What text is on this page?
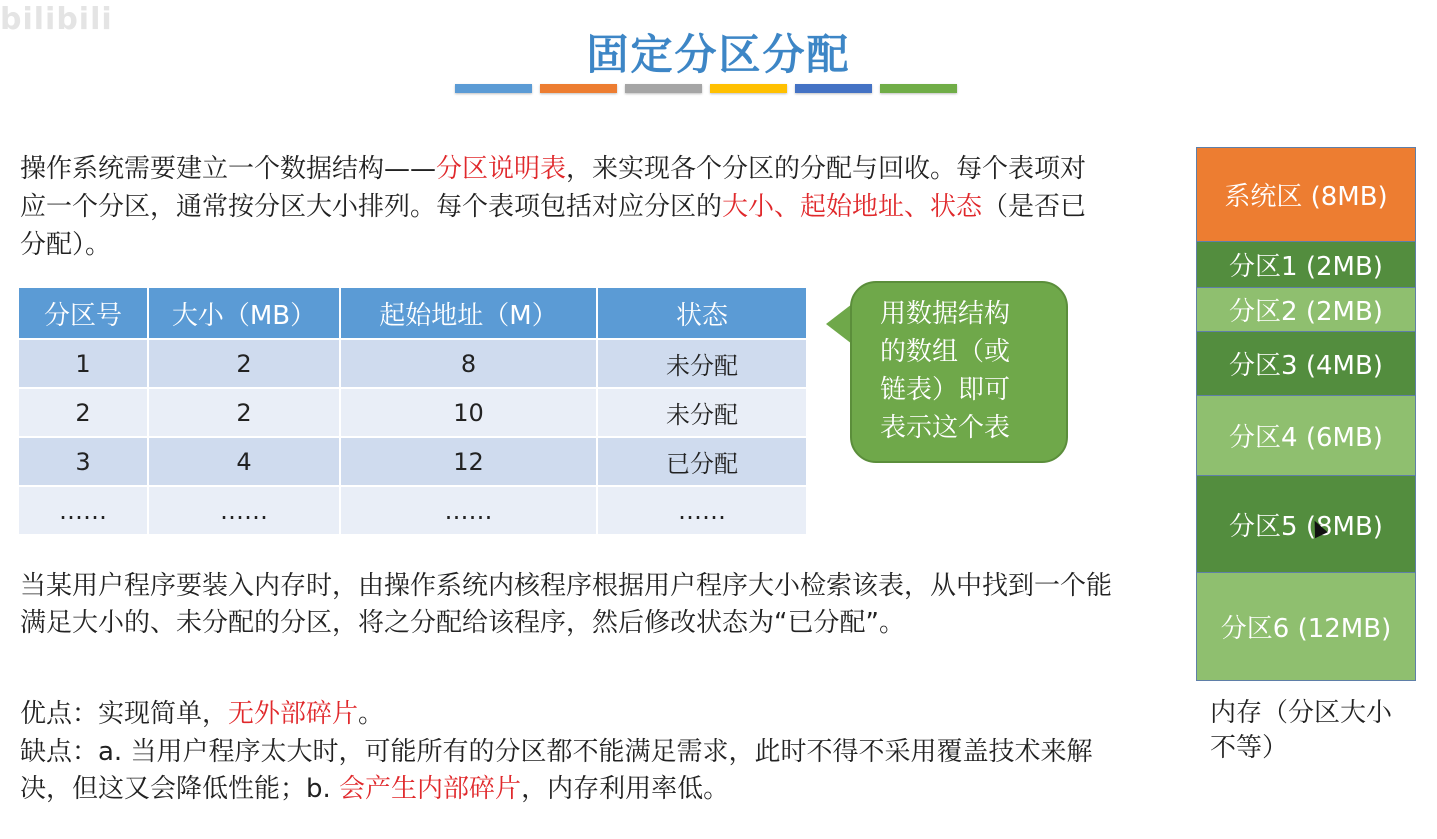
bilibili
固定分区分配
操作系统需要建立一个数据结构——分区说明表，来实现各个分区的分配与回收。每个表项对应一个分区，通常按分区大小排列。每个表项包括对应分区的大小、起始地址、状态（是否已分配）。
分区号	大小（MB）	起始地址（M）	状态
1	2	8	未分配
2	2	10	未分配
3	4	12	已分配
……	……	……	……
用数据结构
的数组（或
链表）即可
表示这个表
当某用户程序要装入内存时，由操作系统内核程序根据用户程序大小检索该表，从中找到一个能满足大小的、未分配的分区，将之分配给该程序，然后修改状态为“已分配”。
优点：实现简单，无外部碎片。
缺点：a. 当用户程序太大时，可能所有的分区都不能满足需求，此时不得不采用覆盖技术来解决，但这又会降低性能；b. 会产生内部碎片，内存利用率低。
系统区 (8MB)
分区1 (2MB)
分区2 (2MB)
分区3 (4MB)
分区4 (6MB)
分区5 (8MB)
分区6 (12MB)
内存（分区大小不等）
